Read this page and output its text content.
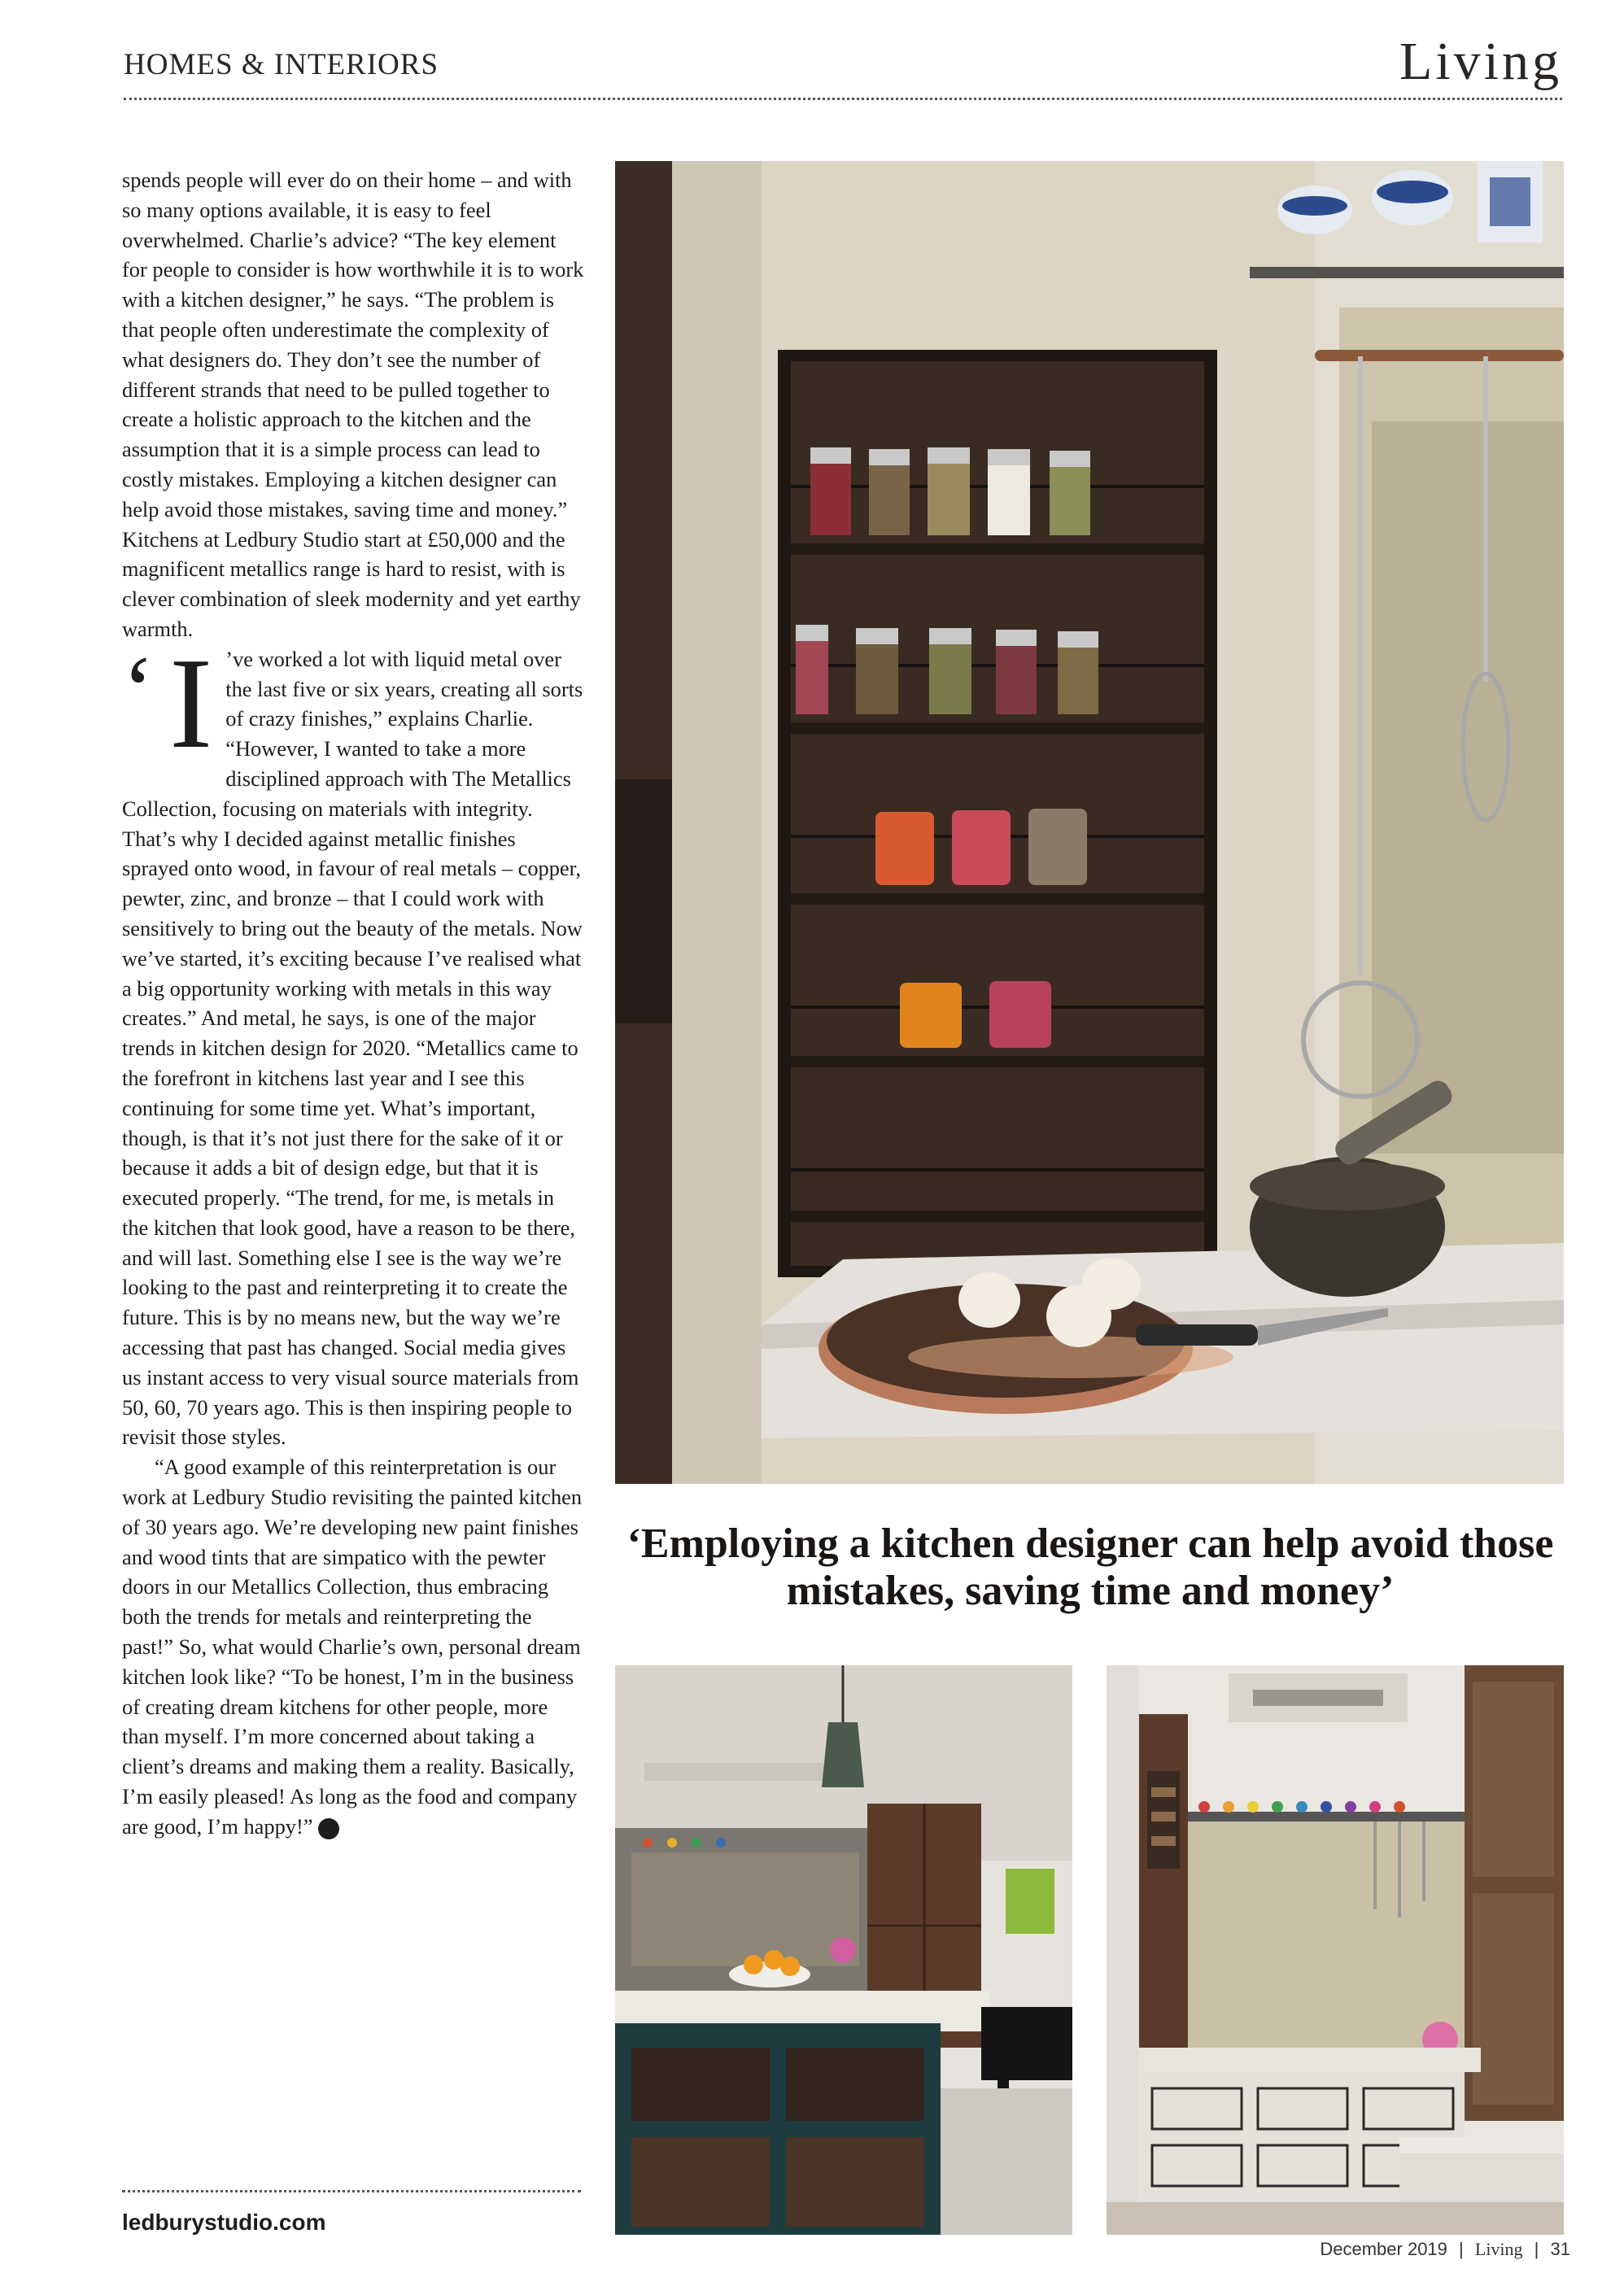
HOMES & INTERIORS	Living

spends people will ever do on their home – and with so many options available, it is easy to feel overwhelmed. Charlie’s advice? “The key element for people to consider is how worthwhile it is to work with a kitchen designer,” he says. “The problem is that people often underestimate the complexity of what designers do. They don’t see the number of different strands that need to be pulled together to create a holistic approach to the kitchen and the assumption that it is a simple process can lead to costly mistakes. Employing a kitchen designer can help avoid those mistakes, saving time and money.” Kitchens at Ledbury Studio start at £50,000 and the magnificent metallics range is hard to resist, with is clever combination of sleek modernity and yet earthy warmth.

‘ I ’ve worked a lot with liquid metal over the last five or six years, creating all sorts of crazy finishes,” explains Charlie. “However, I wanted to take a more disciplined approach with The Metallics Collection, focusing on materials with integrity. That’s why I decided against metallic finishes sprayed onto wood, in favour of real metals – copper, pewter, zinc, and bronze – that I could work with sensitively to bring out the beauty of the metals. Now we’ve started, it’s exciting because I’ve realised what a big opportunity working with metals in this way creates.” And metal, he says, is one of the major trends in kitchen design for 2020. “Metallics came to the forefront in kitchens last year and I see this continuing for some time yet. What’s important, though, is that it’s not just there for the sake of it or because it adds a bit of design edge, but that it is executed properly. “The trend, for me, is metals in the kitchen that look good, have a reason to be there, and will last. Something else I see is the way we’re looking to the past and reinterpreting it to create the future. This is by no means new, but the way we’re accessing that past has changed. Social media gives us instant access to very visual source materials from 50, 60, 70 years ago. This is then inspiring people to revisit those styles.

“A good example of this reinterpretation is our work at Ledbury Studio revisiting the painted kitchen of 30 years ago. We’re developing new paint finishes and wood tints that are simpatico with the pewter doors in our Metallics Collection, thus embracing both the trends for metals and reinterpreting the past!” So, what would Charlie’s own, personal dream kitchen look like? “To be honest, I’m in the business of creating dream kitchens for other people, more than myself. I’m more concerned about taking a client’s dreams and making them a reality. Basically, I’m easily pleased! As long as the food and company are good, I’m happy!”	L

ledburystudio.com
‘Employing a kitchen designer can help avoid those mistakes, saving time and money’
December 2019 | Living | 31
